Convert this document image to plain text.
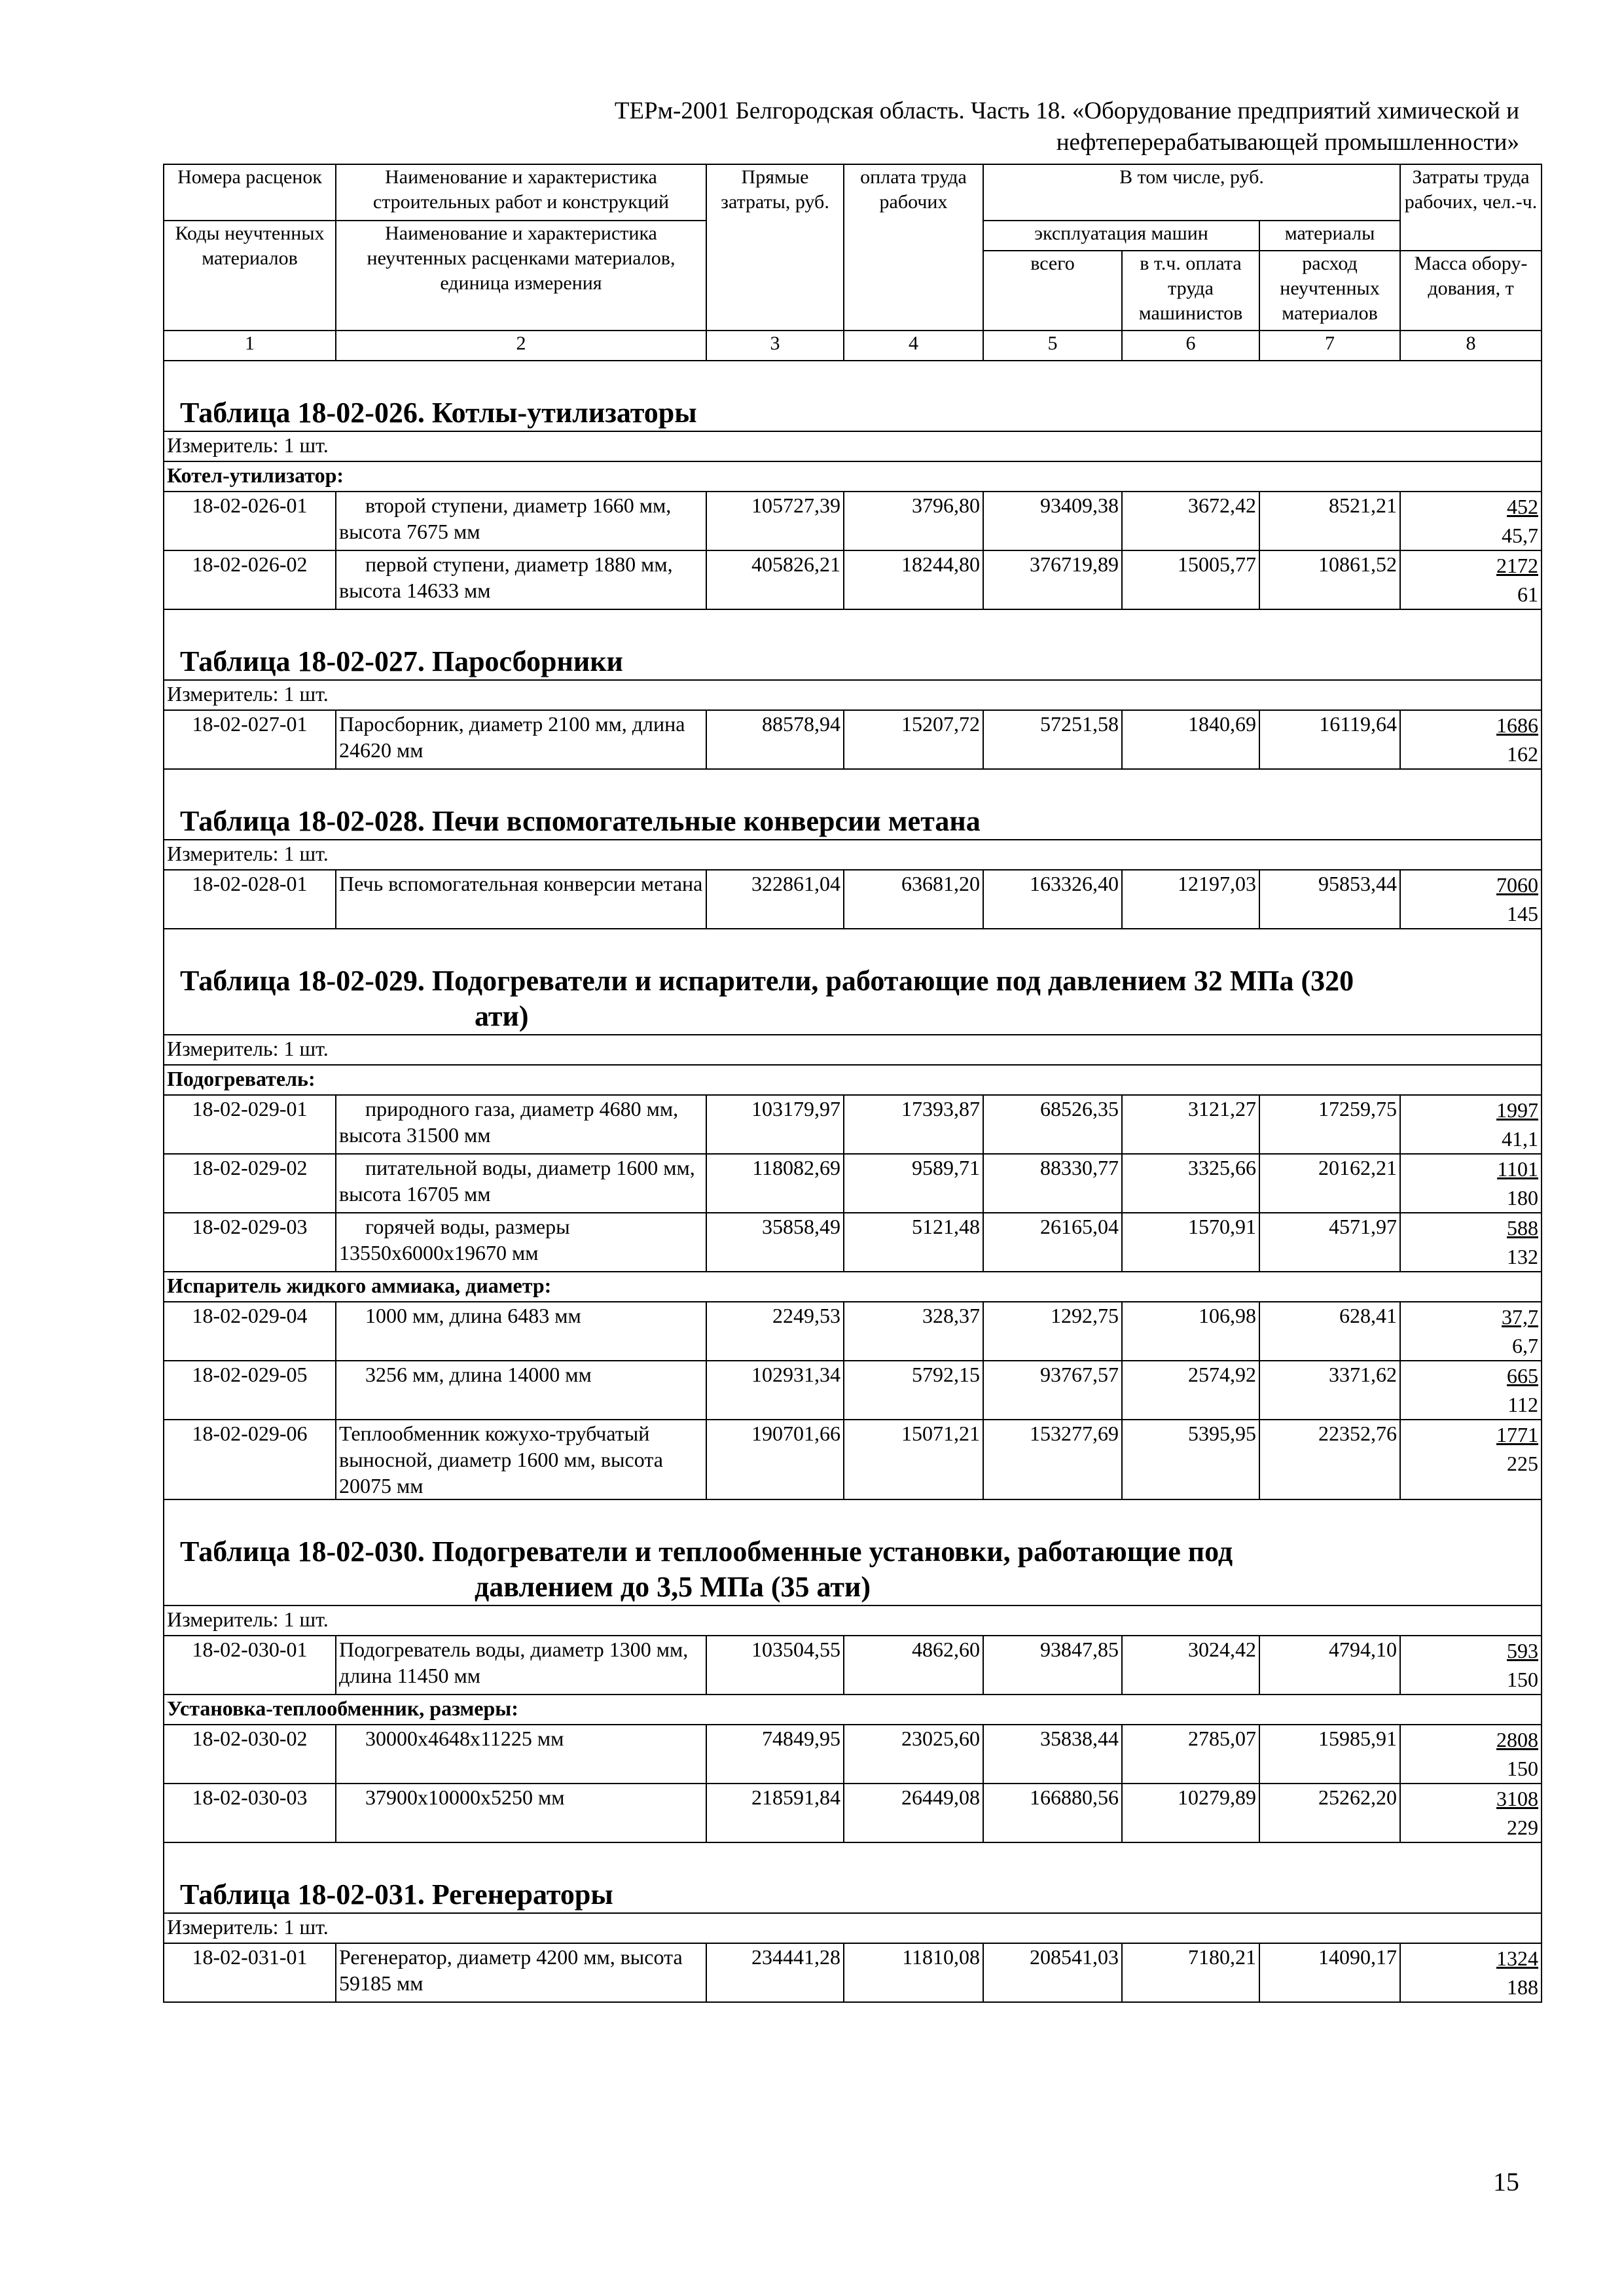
ТЕРм-2001 Белгородская область. Часть 18. «Оборудование предприятий химической и
нефтеперерабатывающей промышленности»
Номера расценок	Наименование и характеристика строительных работ и конструкций	Прямые затраты, руб.	оплата труда рабочих	В том числе, руб.			Затраты труда рабочих, чел.-ч.
Коды неучтенных материалов	Наименование и характеристика неучтенных расценками материалов, единица измерения			эксплуатация машин		материалы	
				всего	в т.ч. оплата труда машинистов	расход неучтенных материалов	Масса обору-дования, т
1	2	3	4	5	6	7	8

Таблица 18-02-026. Котлы-утилизаторы							

Измеритель: 1 шт.							
Котел-утилизатор:							
18-02-026-01	второй ступени, диаметр 1660 мм, высота 7675 мм	105727,39	3796,80	93409,38	3672,42	8521,21	452
45,7
18-02-026-02	первой ступени, диаметр 1880 мм, высота 14633 мм	405826,21	18244,80	376719,89	15005,77	10861,52	2172
61

Таблица 18-02-027. Паросборники							

Измеритель: 1 шт.							
18-02-027-01	Паросборник, диаметр 2100 мм, длина 24620 мм	88578,94	15207,72	57251,58	1840,69	16119,64	1686
162

Таблица 18-02-028. Печи вспомогательные конверсии метана							

Измеритель: 1 шт.							
18-02-028-01	Печь вспомогательная конверсии метана	322861,04	63681,20	163326,40	12197,03	95853,44	7060
145

Таблица 18-02-029. Подогреватели и испарители, работающие под давлением 32 МПа (320
ати)							

Измеритель: 1 шт.							
Подогреватель:							
18-02-029-01	природного газа, диаметр 4680 мм, высота 31500 мм	103179,97	17393,87	68526,35	3121,27	17259,75	1997
41,1
18-02-029-02	питательной воды, диаметр 1600 мм, высота 16705 мм	118082,69	9589,71	88330,77	3325,66	20162,21	1101
180
18-02-029-03	горячей воды, размеры 13550x6000x19670 мм	35858,49	5121,48	26165,04	1570,91	4571,97	588
132
Испаритель жидкого аммиака, диаметр:							
18-02-029-04	1000 мм, длина 6483 мм	2249,53	328,37	1292,75	106,98	628,41	37,7
6,7
18-02-029-05	3256 мм, длина 14000 мм	102931,34	5792,15	93767,57	2574,92	3371,62	665
112
18-02-029-06	Теплообменник кожухо-трубчатый выносной, диаметр 1600 мм, высота 20075 мм	190701,66	15071,21	153277,69	5395,95	22352,76	1771
225

Таблица 18-02-030. Подогреватели и теплообменные установки, работающие под
давлением до 3,5 МПа (35 ати)							

Измеритель: 1 шт.							
18-02-030-01	Подогреватель воды, диаметр 1300 мм, длина 11450 мм	103504,55	4862,60	93847,85	3024,42	4794,10	593
150
Установка-теплообменник, размеры:							
18-02-030-02	30000x4648x11225 мм	74849,95	23025,60	35838,44	2785,07	15985,91	2808
150
18-02-030-03	37900x10000x5250 мм	218591,84	26449,08	166880,56	10279,89	25262,20	3108
229

Таблица 18-02-031. Регенераторы							

Измеритель: 1 шт.							
18-02-031-01	Регенератор, диаметр 4200 мм, высота 59185 мм	234441,28	11810,08	208541,03	7180,21	14090,17	1324
188
15
